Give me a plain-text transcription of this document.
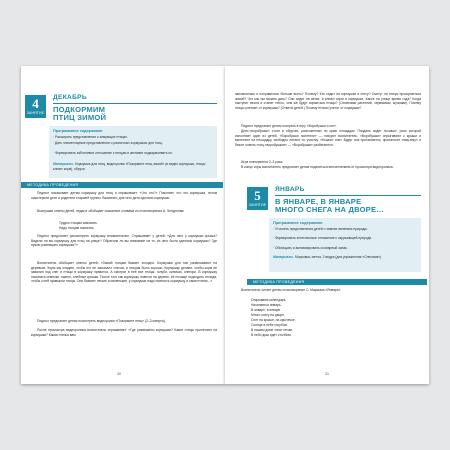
4
ЗАНЯТИЕ
ДЕКАБРЬ
ПОДКОРМИМ
ПТИЦ ЗИМОЙ
Программное содержание
· Расширять представления о зимующих птицах.
· Дать элементарные представления о различных кормушках для птиц.
· Формировать заботливое отношение к птицам и желание подкармливать их.
Материалы. Кормушка для птиц, видеоролик «Покормите птиц зимой» (в видео кормушки, птицы клюют корм), обручи.
МЕТОДИКА ПРОВЕДЕНИЯ
Педагог показывает детям кормушку для птиц и спрашивает: «Что это?» Поясняет, что это кормушка, потом смастерили дети и родители старшей группы. Выясняет, для чего дети сделали кормушки.
Выслушав ответы детей, педагог обобщает сказанное словами из стихотворения А. Чепурнова:
Трудно птицам зимовать.
Надо птицам помогать.
Педагог предлагает рассмотреть кормушку внимательнее. Спрашивает у детей: «Для чего у кормушки крыша? Видели ли вы кормушку для птиц на улице? Обратили ли вы внимание на то, из чего были сделаны кормушки? Где нужно размещать кормушки?»
Воспитатель обобщает ответы детей: «Зимой птицам бывает холодно. Кормушки для них развешивают на деревьях. Корм мы кладем, чтобы его не засыпало снегом, и птицам было хорошо. Кормушку делают, чтобы корм не завалил под снег и птицы в кормушку нравится. А смотрят в неё все птицы: голуби, синички, снегири. В кормушку насыпать семечки, пшено, хлебные крошки. После того как кормушку повесят на дерево, её почаще подходить отсюда, чтобы к ней привыкли птицы. Они бывают легкие и маленькие, у кормушки надо повесить кормушку и сами птичек...»
Педагог предлагает детям посмотреть видеоролик «Покормите птиц» (2–3 минуты).
После просмотра видеоролика воспитатель спрашивает: «Где развешены кормушки? Какие птицы прилетают на кормушки? Какая птичка вам
30
запомнилась и понравилась больше всего? Почему? Кто сидит на кормушке в снегу? Смогут ли птицы прокормиться зимой? Что мы им можем дать? Они сидят на ветке, а клюют корм в кормушке. Какое на улице время года? Когда наступит весна и станет тепло, чем же будут кормиться птицы? (Семенами растений, червяками, жучками). Почему птицы улетают от кормушки? (Ответы детей.) Почему птички улетят от кормушки?
Педагог предлагает детям поиграть в игру «Воробушки и кот».
Дети-«воробушки» стоят в обручах, разложенных по краю площадки. Поодаль сидит «кошка», роль которой исполняет один из детей. «Воробушки полетели» — говорит воспитатель. «Воробушки» спрыгивают с крыши и вылетают на площадку, свободно летают по участку. «Кошка» спит. Вдруг она просыпается, произносит «мяу-мяу» и бежит ловить птиц-«воробушков» — «Воробушки» разбегаются.
Игра повторяется 2–3 раза.
В конце игры воспитатель предлагает детям поделиться впечатлением от просмотра видеоролика.
5
ЗАНЯТИЕ
ЯНВАРЬ
В ЯНВАРЕ, В ЯНВАРЕ
МНОГО СНЕГА НА ДВОРЕ…
Программное содержание
· Уточнить представления детей о зимних явлениях природы.
· Формировать эстетическое отношение к окружающей природе.
· Обогащать и активизировать словарный запас.
Материалы. Морковка, метла, 2 ведра (для упражнения «Снеговик»).
МЕТОДИКА ПРОВЕДЕНИЯ
Воспитатель читает детям стихотворение С. Маршака «Январь»:
Открываем календарь,
Начинается январь.
В январе, в январе
Много снегу на дворе.
Снег на крыше, на крылечке.
Солнце в небе голубом.
В нашем доме топят печки,
В небо дым идет столбом.
31
